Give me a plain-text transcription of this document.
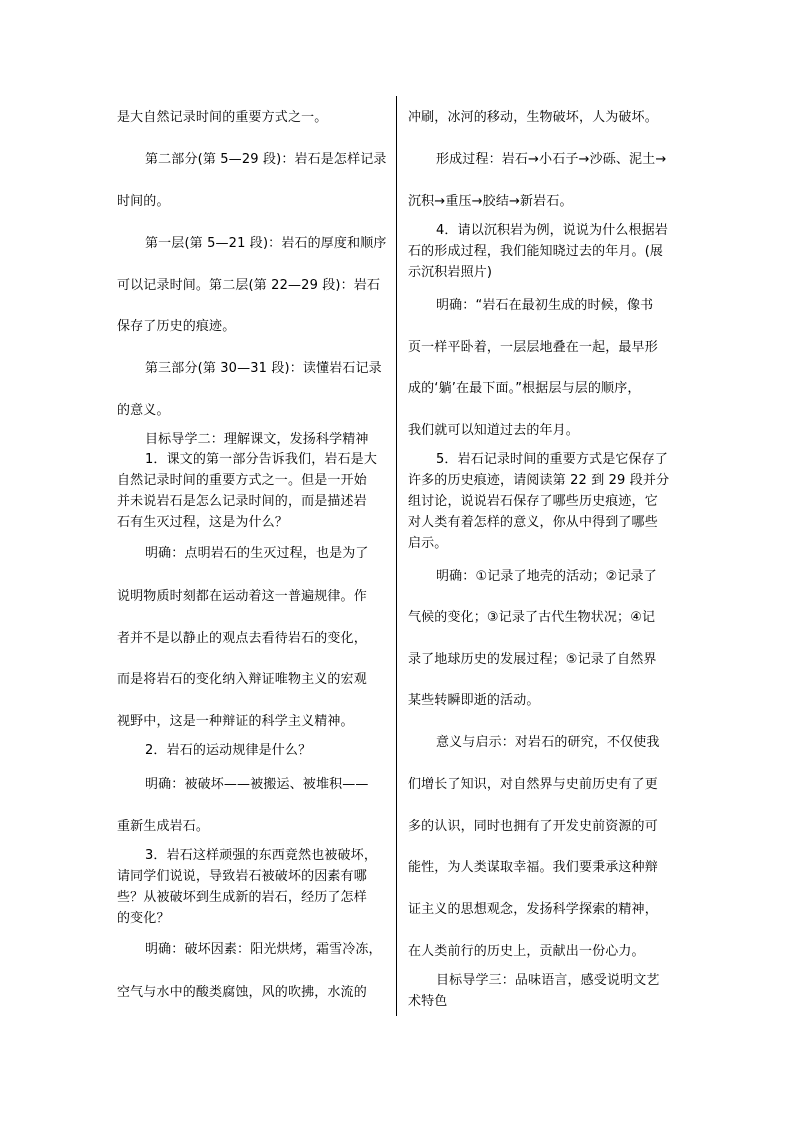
是大自然记录时间的重要方式之一。
第二部分(第 5—29 段)：岩石是怎样记录
时间的。
第一层(第 5—21 段)：岩石的厚度和顺序
可以记录时间。第二层(第 22—29 段)：岩石
保存了历史的痕迹。
第三部分(第 30—31 段)：读懂岩石记录
的意义。
目标导学二：理解课文，发扬科学精神
1．课文的第一部分告诉我们，岩石是大
自然记录时间的重要方式之一。但是一开始
并未说岩石是怎么记录时间的，而是描述岩
石有生灭过程，这是为什么？
明确：点明岩石的生灭过程，也是为了
说明物质时刻都在运动着这一普遍规律。作
者并不是以静止的观点去看待岩石的变化，
而是将岩石的变化纳入辩证唯物主义的宏观
视野中，这是一种辩证的科学主义精神。
2．岩石的运动规律是什么？
明确：被破坏——被搬运、被堆积——
重新生成岩石。
3．岩石这样顽强的东西竟然也被破坏，
请同学们说说，导致岩石被破坏的因素有哪
些？从被破坏到生成新的岩石，经历了怎样
的变化？
明确：破坏因素：阳光烘烤，霜雪冷冻，
空气与水中的酸类腐蚀，风的吹拂，水流的
冲刷，冰河的移动，生物破坏，人为破坏。
形成过程：岩石→小石子→沙砾、泥土→
沉积→重压→胶结→新岩石。
4．请以沉积岩为例，说说为什么根据岩
石的形成过程，我们能知晓过去的年月。(展
示沉积岩照片)
明确：“岩石在最初生成的时候，像书
页一样平卧着，一层层地叠在一起，最早形
成的‘躺’在最下面。”根据层与层的顺序，
我们就可以知道过去的年月。
5．岩石记录时间的重要方式是它保存了
许多的历史痕迹，请阅读第 22 到 29 段并分
组讨论，说说岩石保存了哪些历史痕迹，它
对人类有着怎样的意义，你从中得到了哪些
启示。
明确：①记录了地壳的活动；②记录了
气候的变化；③记录了古代生物状况；④记
录了地球历史的发展过程；⑤记录了自然界
某些转瞬即逝的活动。
意义与启示：对岩石的研究，不仅使我
们增长了知识，对自然界与史前历史有了更
多的认识，同时也拥有了开发史前资源的可
能性，为人类谋取幸福。我们要秉承这种辩
证主义的思想观念，发扬科学探索的精神，
在人类前行的历史上，贡献出一份心力。
目标导学三：品味语言，感受说明文艺
术特色
